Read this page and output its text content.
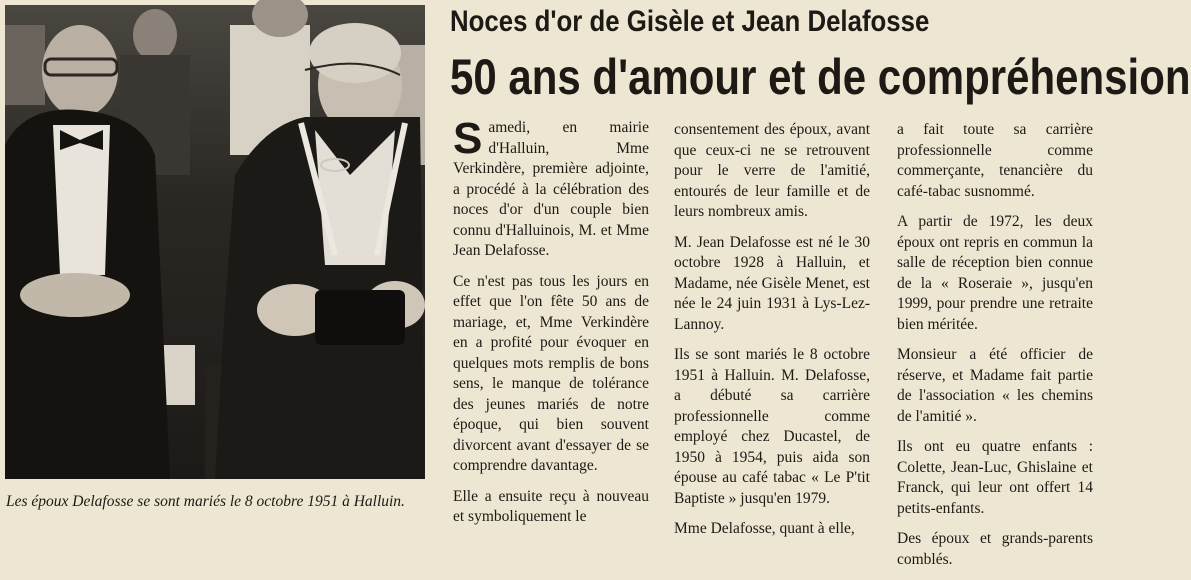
Les époux Delafosse se sont mariés le 8 octobre 1951 à Halluin.
Noces d'or de Gisèle et Jean Delafosse
50 ans d'amour et de compréhension

Samedi, en mairie d'Halluin, Mme Verkindère, première adjointe, a procédé à la célébration des noces d'or d'un couple bien connu d'Halluinois, M. et Mme Jean Delafosse.

Ce n'est pas tous les jours en effet que l'on fête 50 ans de mariage, et, Mme Verkindère en a profité pour évoquer en quelques mots remplis de bons sens, le manque de tolérance des jeunes mariés de notre époque, qui bien souvent divorcent avant d'essayer de se comprendre davantage.

Elle a ensuite reçu à nouveau et symboliquement le

consentement des époux, avant que ceux-ci ne se retrouvent pour le verre de l'amitié, entourés de leur famille et de leurs nombreux amis.

M. Jean Delafosse est né le 30 octobre 1928 à Halluin, et Madame, née Gisèle Menet, est née le 24 juin 1931 à Lys-Lez-Lannoy.

Ils se sont mariés le 8 octobre 1951 à Halluin. M. Delafosse, a débuté sa carrière professionnelle comme employé chez Ducastel, de 1950 à 1954, puis aida son épouse au café tabac « Le P'tit Baptiste » jusqu'en 1979.

Mme Delafosse, quant à elle,

a fait toute sa carrière professionnelle comme commerçante, tenancière du café-tabac susnommé.

A partir de 1972, les deux époux ont repris en commun la salle de réception bien connue de la « Roseraie », jusqu'en 1999, pour prendre une retraite bien méritée.

Monsieur a été officier de réserve, et Madame fait partie de l'association « les chemins de l'amitié ».

Ils ont eu quatre enfants : Colette, Jean-Luc, Ghislaine et Franck, qui leur ont offert 14 petits-enfants.

Des époux et grands-parents comblés.
